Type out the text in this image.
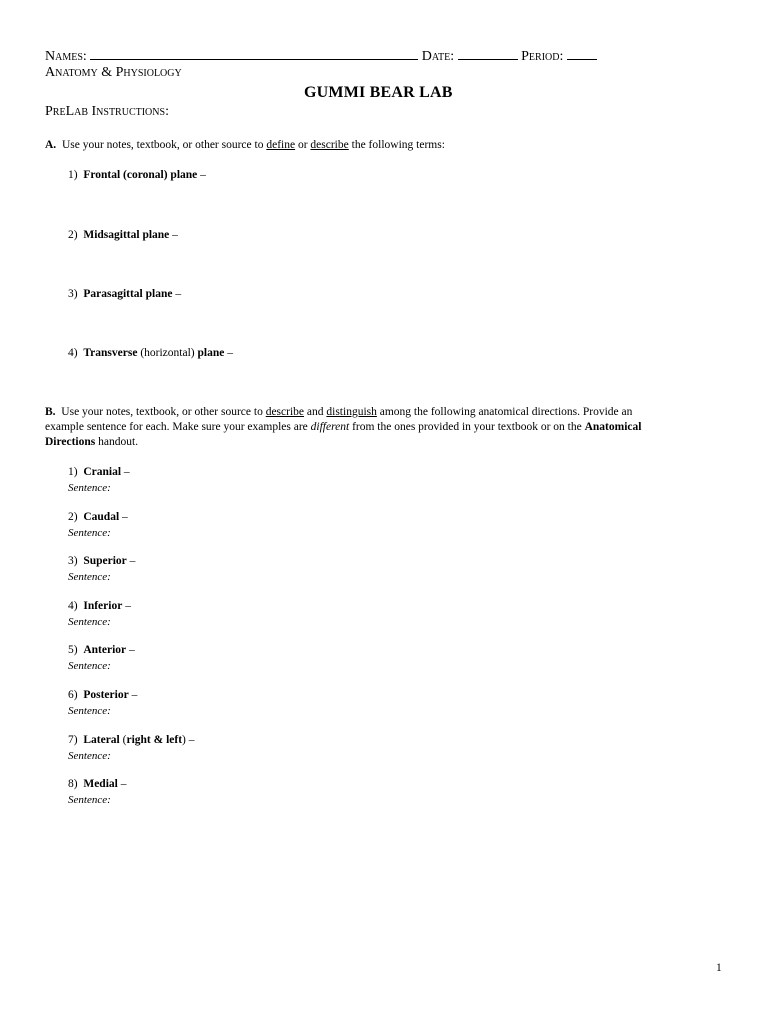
Names:	Date:	Period:
Anatomy & Physiology
GUMMI BEAR LAB
PreLab Instructions:
A. Use your notes, textbook, or other source to define or describe the following terms:
1) Frontal (coronal) plane –
2) Midsagittal plane –
3) Parasagittal plane –
4) Transverse (horizontal) plane –
B. Use your notes, textbook, or other source to describe and distinguish among the following anatomical directions. Provide an
example sentence for each. Make sure your examples are different from the ones provided in your textbook or on the Anatomical
Directions handout.
1) Cranial –
Sentence:
2) Caudal –
Sentence:
3) Superior –
Sentence:
4) Inferior –
Sentence:
5) Anterior –
Sentence:
6) Posterior –
Sentence:
7) Lateral (right & left) –
Sentence:
8) Medial –
Sentence:
1
